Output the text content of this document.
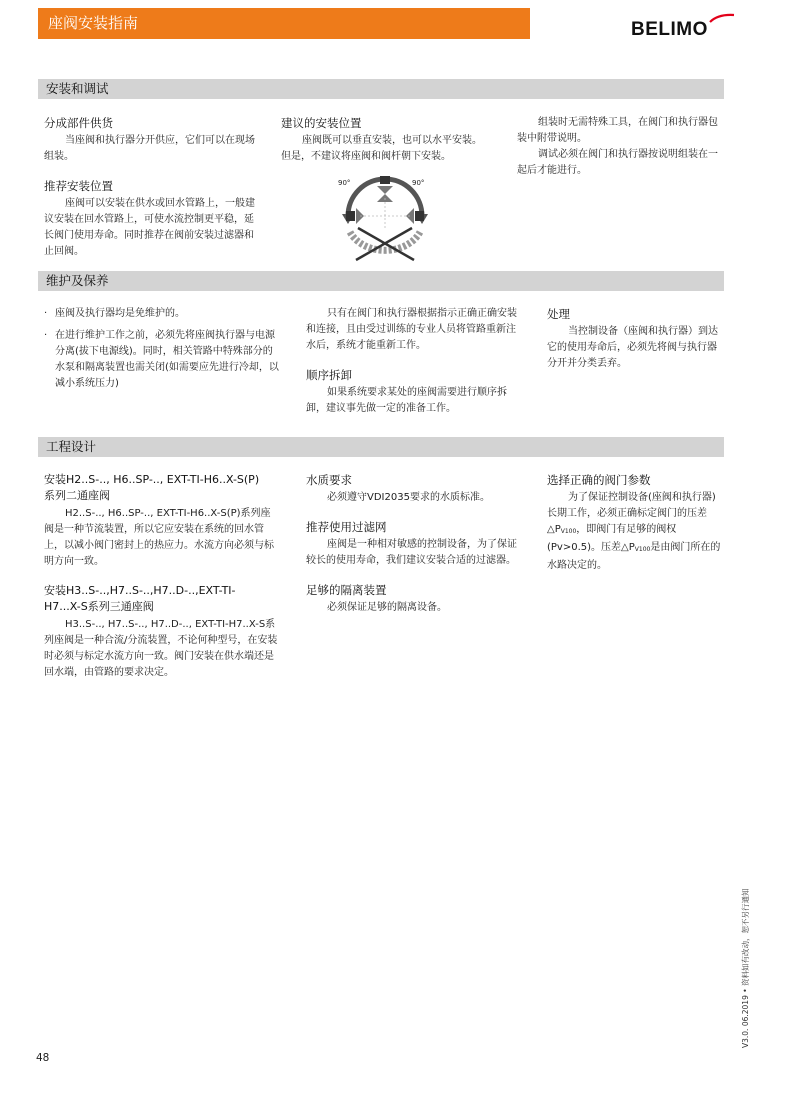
座阀安装指南	BELIMO
安装和调试
分成部件供货

当座阀和执行器分开供应，它们可以在现场组装。

推荐安装位置

座阀可以安装在供水或回水管路上，一般建议安装在回水管路上，可使水流控制更平稳，延长阀门使用寿命。同时推荐在阀前安装过滤器和止回阀。

建议的安装位置

座阀既可以垂直安装，也可以水平安装。但是，不建议将座阀和阀杆朝下安装。

90°	90°

组装时无需特殊工具，在阀门和执行器包装中附带说明。

调试必须在阀门和执行器按说明组装在一起后才能进行。

维护及保养

· 座阀及执行器均是免维护的。

· 在进行维护工作之前，必须先将座阀执行器与电源分离(拔下电源线)。同时，相关管路中特殊部分的水泵和隔离装置也需关闭(如需要应先进行冷却，以减小系统压力)

只有在阀门和执行器根据指示正确正确安装和连接，且由受过训练的专业人员将管路重新注水后，系统才能重新工作。

顺序拆卸

如果系统要求某处的座阀需要进行顺序拆卸，建议事先做一定的准备工作。

处理

当控制设备（座阀和执行器）到达它的使用寿命后，必须先将阀与执行器分开并分类丢弃。

工程设计
安装H2..S-.., H6..SP-.., EXT-TI-H6..X-S(P)
系列二通座阀

H2..S-.., H6..SP-.., EXT-TI-H6..X-S(P)系列座阀是一种节流装置，所以它应安装在系统的回水管上，以减小阀门密封上的热应力。水流方向必须与标明方向一致。

安装H3..S-..,H7..S-..,H7..D-..,EXT-TI-
H7...X-S系列三通座阀

H3..S-.., H7..S-.., H7..D-.., EXT-TI-H7..X-S系列座阀是一种合流/分流装置，不论何种型号，在安装时必须与标定水流方向一致。阀门安装在供水端还是回水端，由管路的要求决定。

水质要求

必须遵守VDI2035要求的水质标准。

推荐使用过滤网

座阀是一种相对敏感的控制设备，为了保证较长的使用寿命，我们建议安装合适的过滤器。

足够的隔离装置

必须保证足够的隔离设备。

选择正确的阀门参数

为了保证控制设备(座阀和执行器)长期工作，必须正确标定阀门的压差△PV100，即阀门有足够的阀权(Pv>0.5)。压差△PV100是由阀门所在的水路决定的。

48
V3.0. 06.2019 • 资料如有改动，恕不另行通知
